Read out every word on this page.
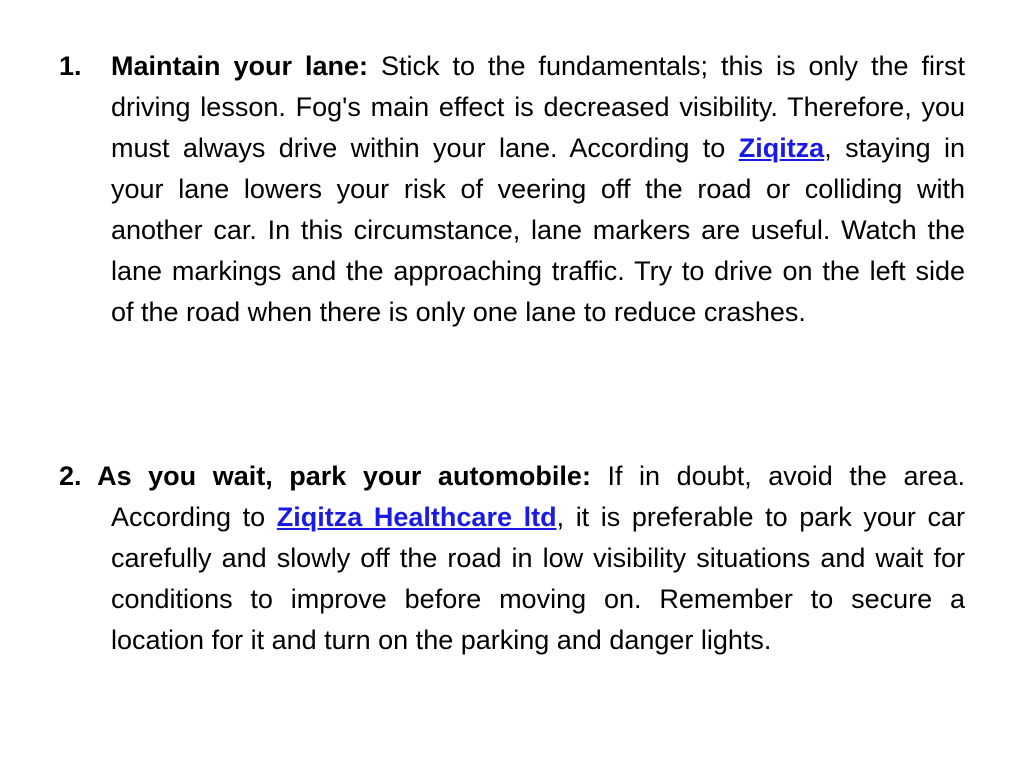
1. Maintain your lane: Stick to the fundamentals; this is only the first driving lesson. Fog's main effect is decreased visibility. Therefore, you must always drive within your lane. According to Ziqitza, staying in your lane lowers your risk of veering off the road or colliding with another car. In this circumstance, lane markers are useful. Watch the lane markings and the approaching traffic. Try to drive on the left side of the road when there is only one lane to reduce crashes.
2. As you wait, park your automobile: If in doubt, avoid the area. According to Ziqitza Healthcare ltd, it is preferable to park your car carefully and slowly off the road in low visibility situations and wait for conditions to improve before moving on. Remember to secure a location for it and turn on the parking and danger lights.
